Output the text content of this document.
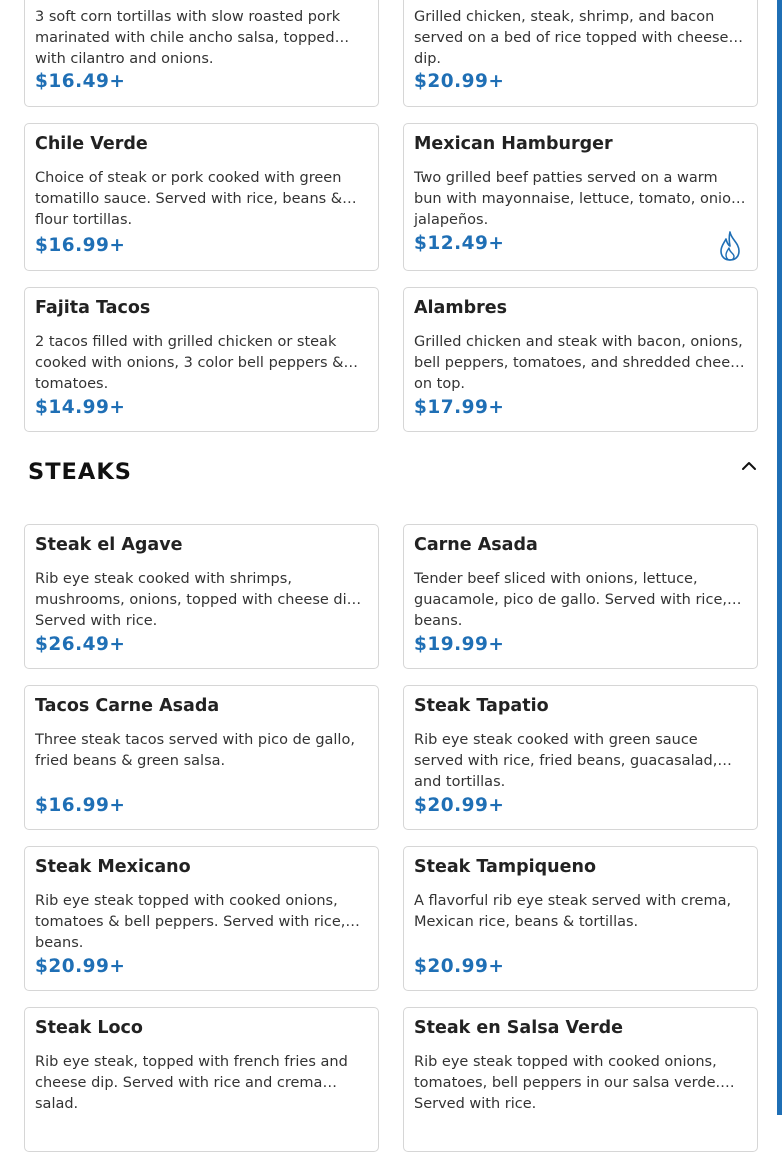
3 soft corn tortillas with slow roasted pork marinated with chile ancho salsa, topped with cilantro and onions.
$16.49+
Grilled chicken, steak, shrimp, and bacon served on a bed of rice topped with cheese dip.
$20.99+
Chile Verde
Choice of steak or pork cooked with green tomatillo sauce. Served with rice, beans & flour tortillas.
$16.99+
Mexican Hamburger
Two grilled beef patties served on a warm bun with mayonnaise, lettuce, tomato, onion, jalapeños.
$12.49+
Fajita Tacos
2 tacos filled with grilled chicken or steak cooked with onions, 3 color bell peppers & tomatoes.
$14.99+
Alambres
Grilled chicken and steak with bacon, onions, bell peppers, tomatoes, and shredded cheese on top.
$17.99+
STEAKS
Steak el Agave
Rib eye steak cooked with shrimps, mushrooms, onions, topped with cheese dip. Served with rice.
$26.49+
Carne Asada
Tender beef sliced with onions, lettuce, guacamole, pico de gallo. Served with rice, beans.
$19.99+
Tacos Carne Asada
Three steak tacos served with pico de gallo, fried beans & green salsa.
$16.99+
Steak Tapatio
Rib eye steak cooked with green sauce served with rice, fried beans, guacasalad, and tortillas.
$20.99+
Steak Mexicano
Rib eye steak topped with cooked onions, tomatoes & bell peppers. Served with rice, beans.
$20.99+
Steak Tampiqueno
A flavorful rib eye steak served with crema, Mexican rice, beans & tortillas.
$20.99+
Steak Loco
Rib eye steak, topped with french fries and cheese dip. Served with rice and crema salad.
Steak en Salsa Verde
Rib eye steak topped with cooked onions, tomatoes, bell peppers in our salsa verde. Served with rice.
